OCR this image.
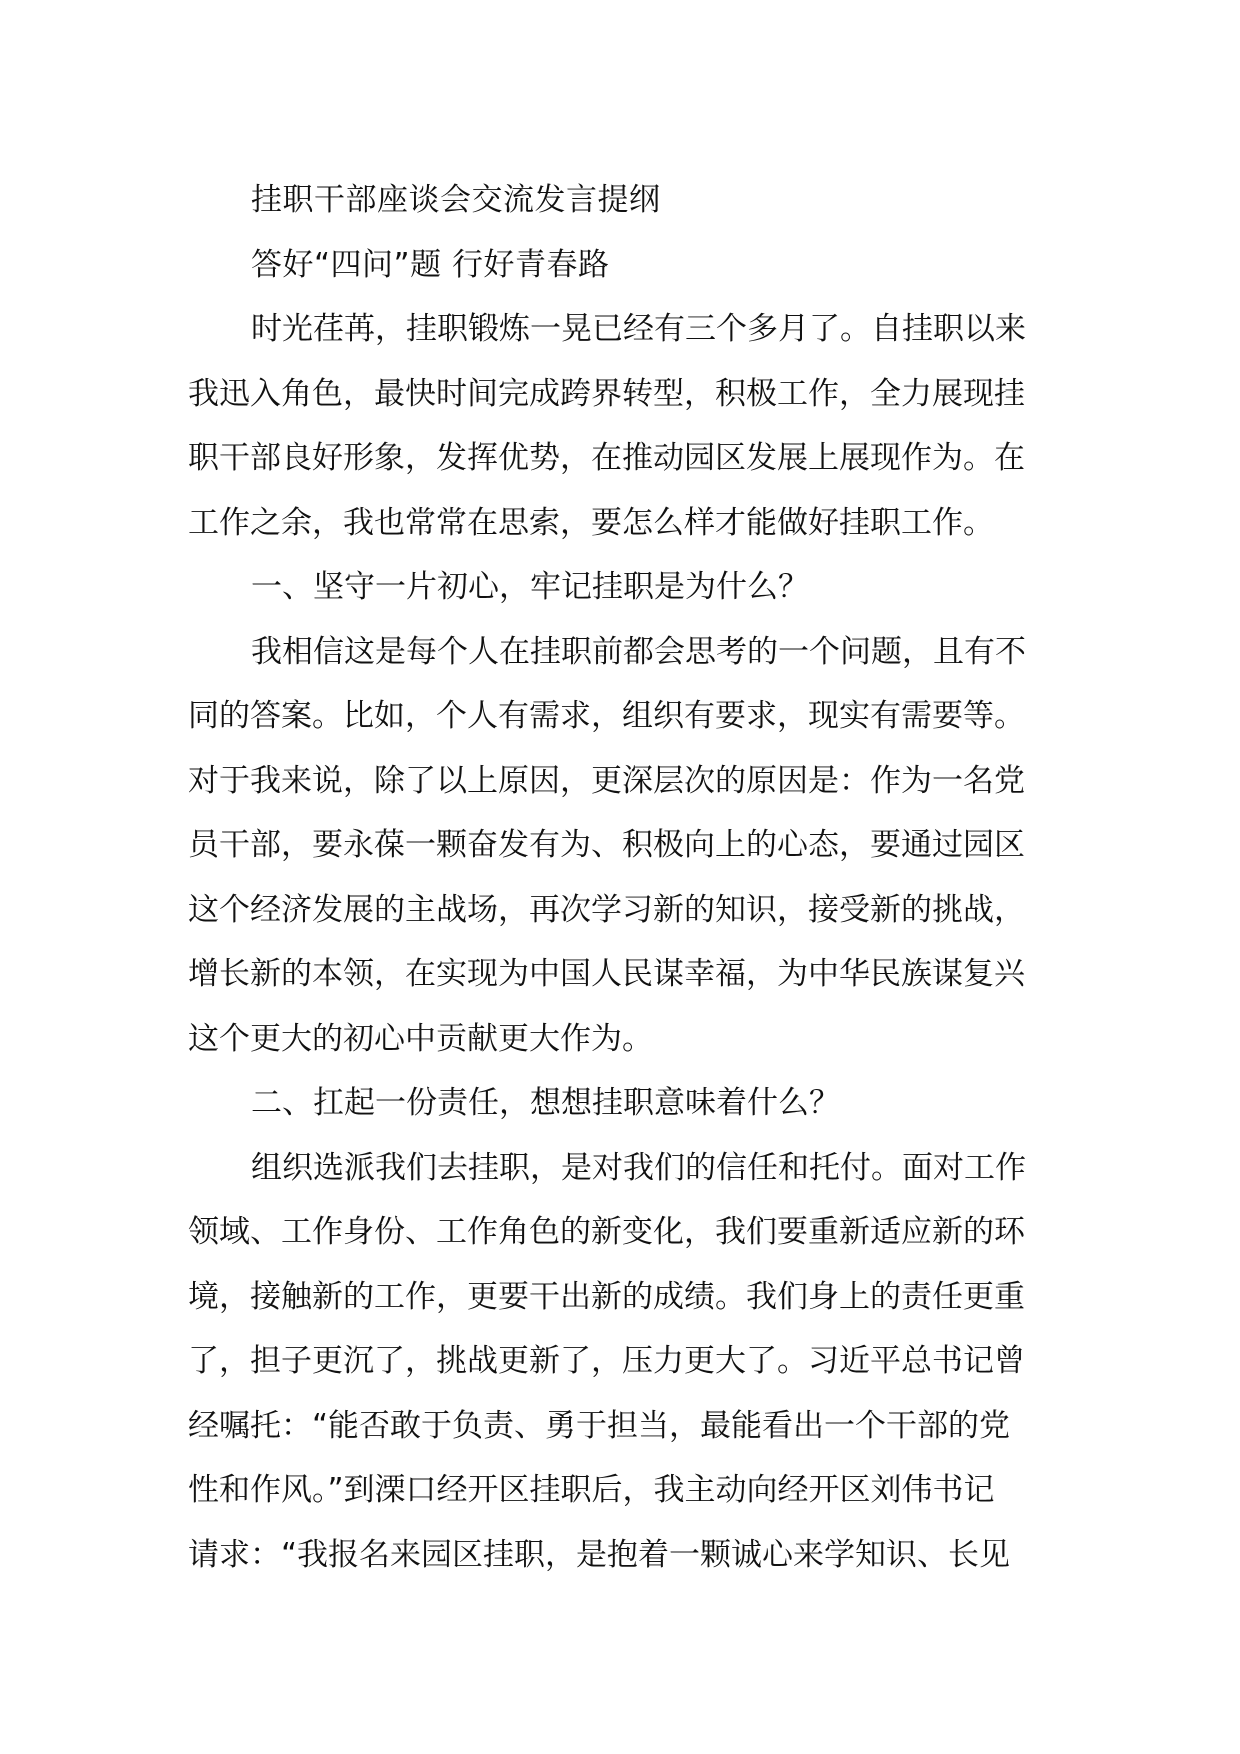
挂职干部座谈会交流发言提纲
答好“四问”题 行好青春路
时光荏苒，挂职锻炼一晃已经有三个多月了。自挂职以来
我迅入角色，最快时间完成跨界转型，积极工作，全力展现挂
职干部良好形象，发挥优势，在推动园区发展上展现作为。在
工作之余，我也常常在思索，要怎么样才能做好挂职工作。
一、坚守一片初心，牢记挂职是为什么？
我相信这是每个人在挂职前都会思考的一个问题，且有不
同的答案。比如，个人有需求，组织有要求，现实有需要等。
对于我来说，除了以上原因，更深层次的原因是：作为一名党
员干部，要永葆一颗奋发有为、积极向上的心态，要通过园区
这个经济发展的主战场，再次学习新的知识，接受新的挑战，
增长新的本领，在实现为中国人民谋幸福，为中华民族谋复兴
这个更大的初心中贡献更大作为。
二、扛起一份责任，想想挂职意味着什么？
组织选派我们去挂职，是对我们的信任和托付。面对工作
领域、工作身份、工作角色的新变化，我们要重新适应新的环
境，接触新的工作，更要干出新的成绩。我们身上的责任更重
了，担子更沉了，挑战更新了，压力更大了。习近平总书记曾
经嘱托：“能否敢于负责、勇于担当，最能看出一个干部的党
性和作风。”到溧口经开区挂职后，我主动向经开区刘伟书记
请求：“我报名来园区挂职，是抱着一颗诚心来学知识、长见
